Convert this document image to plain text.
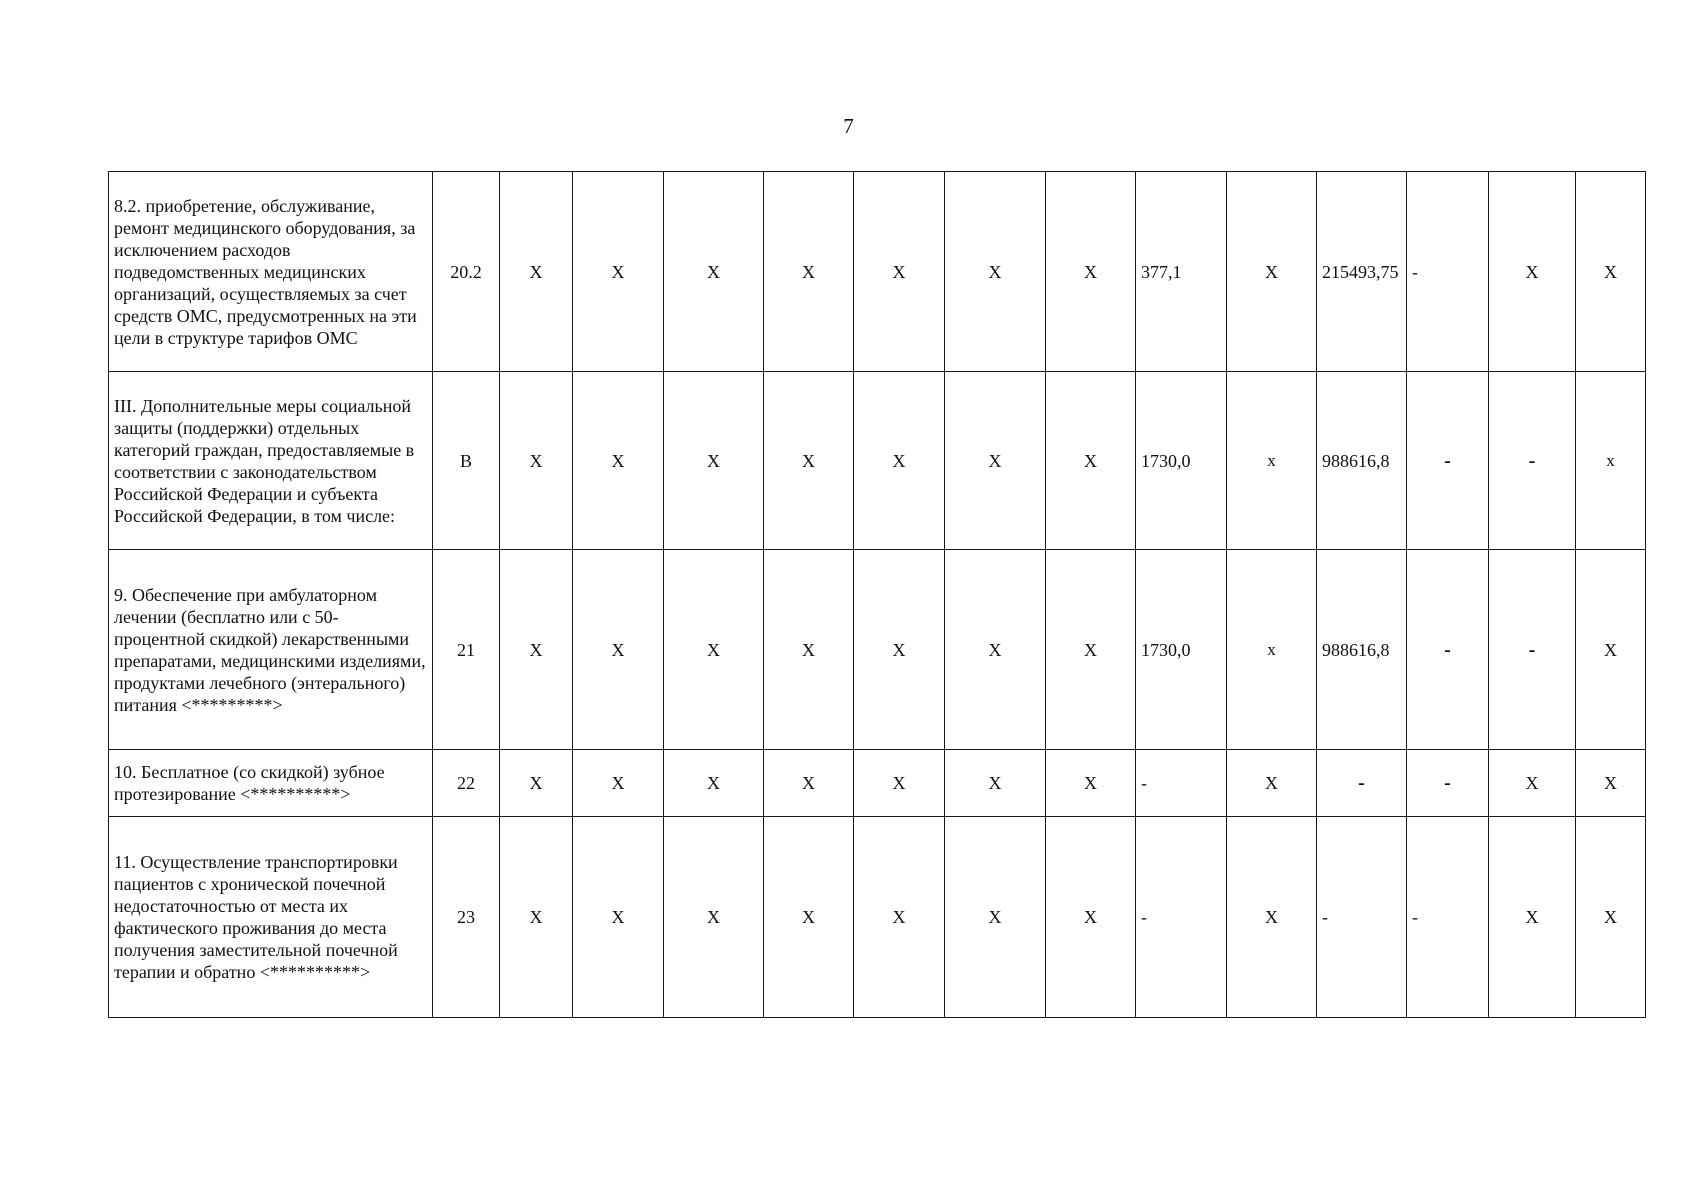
7
8.2. приобретение, обслуживание, ремонт медицинского оборудования, за исключением расходов подведомственных медицинских организаций, осуществляемых за счет средств ОМС, предусмотренных на эти цели в структуре тарифов ОМС	20.2	X	X	X	X	X	X	X	377,1	X	215493,75	-	X	X
III. Дополнительные меры социальной защиты (поддержки) отдельных категорий граждан, предоставляемые в соответствии с законодательством Российской Федерации и субъекта Российской Федерации, в том числе:	В	X	X	X	X	X	X	X	1730,0	х	988616,8	-	-	х
9. Обеспечение при амбулаторном лечении (бесплатно или с 50-процентной скидкой) лекарственными препаратами, медицинскими изделиями, продуктами лечебного (энтерального) питания <*********>	21	X	X	X	X	X	X	X	1730,0	х	988616,8	-	-	X
10. Бесплатное (со скидкой) зубное протезирование <**********>	22	X	X	X	X	X	X	X	-	X	-	-	X	X
11. Осуществление транспортировки пациентов с хронической почечной недостаточностью от места их фактического проживания до места получения заместительной почечной терапии и обратно <**********>	23	X	X	X	X	X	X	X	-	X	-	-	X	X
